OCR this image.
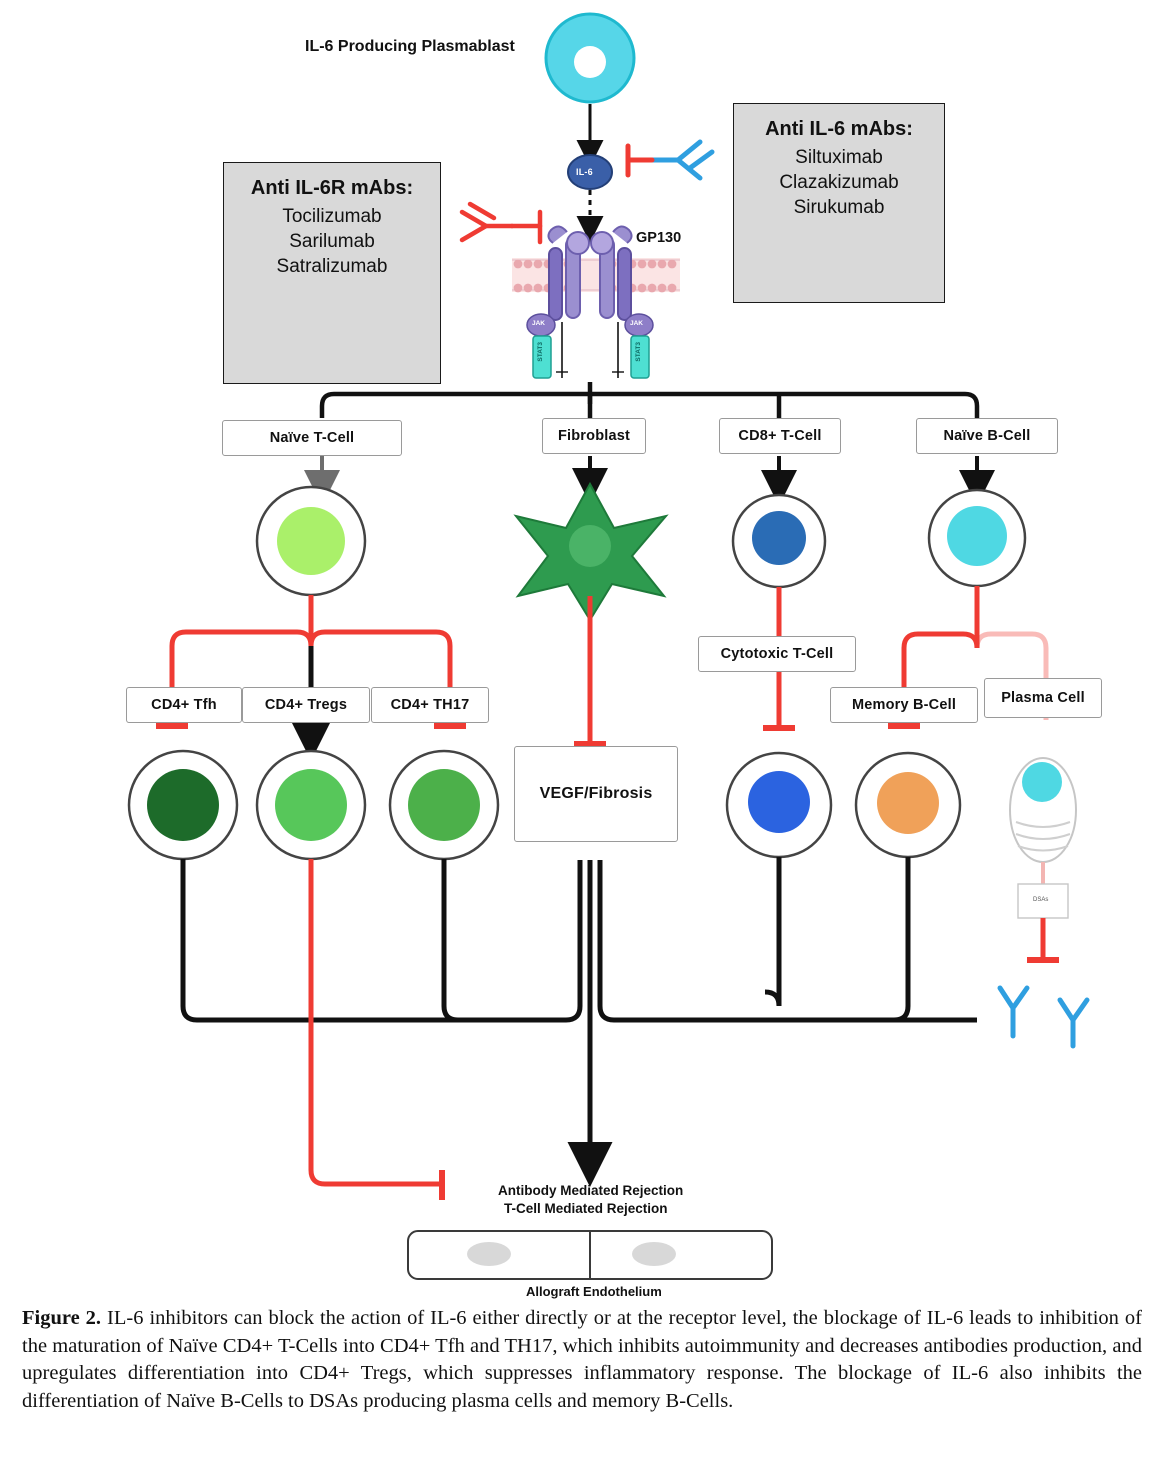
IL-6 Producing Plasmablast
IL-6
GP130
JAK	JAK
STAT3	STAT3
DSAs
Anti IL-6R mAbs:
Tocilizumab
Sarilumab
Satralizumab
Anti IL-6 mAbs:
Siltuximab
Clazakizumab
Sirukumab
Naïve T-Cell	Fibroblast	CD8+ T-Cell	Naïve B-Cell
CD4+ Tfh	CD4+ Tregs	CD4+ TH17
Cytotoxic T-Cell
Memory B-Cell	Plasma Cell
VEGF/Fibrosis
Antibody Mediated Rejection
T-Cell Mediated Rejection
Allograft Endothelium
Figure 2. IL-6 inhibitors can block the action of IL-6 either directly or at the receptor level, the blockage of IL-6 leads to inhibition of the maturation of Naïve CD4+ T-Cells into CD4+ Tfh and TH17, which inhibits autoimmunity and decreases antibodies production, and upregulates differentiation into CD4+ Tregs, which suppresses inflammatory response. The blockage of IL-6 also inhibits the differentiation of Naïve B-Cells to DSAs producing plasma cells and memory B-Cells.
